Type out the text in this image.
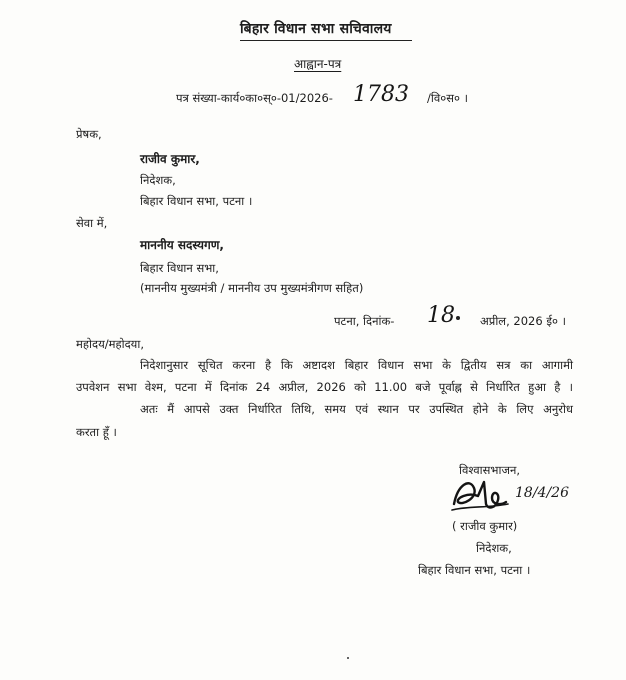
बिहार विधान सभा सचिवालय
आह्वान-पत्र
पत्र संख्या-कार्य०का०स्०-01/2026- 1783 /वि०स० ।
प्रेषक,
राजीव कुमार,
निदेशक,
बिहार विधान सभा, पटना ।
सेवा में,
माननीय सदस्यगण,
बिहार विधान सभा,
(माननीय मुख्यमंत्री / माननीय उप मुख्यमंत्रीगण सहित)
पटना, दिनांक- 18 अप्रील, 2026 ई० ।
महोदय/महोदया,
निदेशानुसार सूचित करना है कि अष्टादश बिहार विधान सभा के द्वितीय सत्र का आगामी
उपवेशन सभा वेश्म, पटना में दिनांक 24 अप्रील, 2026 को 11.00 बजे पूर्वाह्न से निर्धारित हुआ है ।
अतः मैं आपसे उक्त निर्धारित तिथि, समय एवं स्थान पर उपस्थित होने के लिए अनुरोध
करता हूँ ।
विश्वासभाजन,
18/4/26
( राजीव कुमार)
निदेशक,
बिहार विधान सभा, पटना ।
